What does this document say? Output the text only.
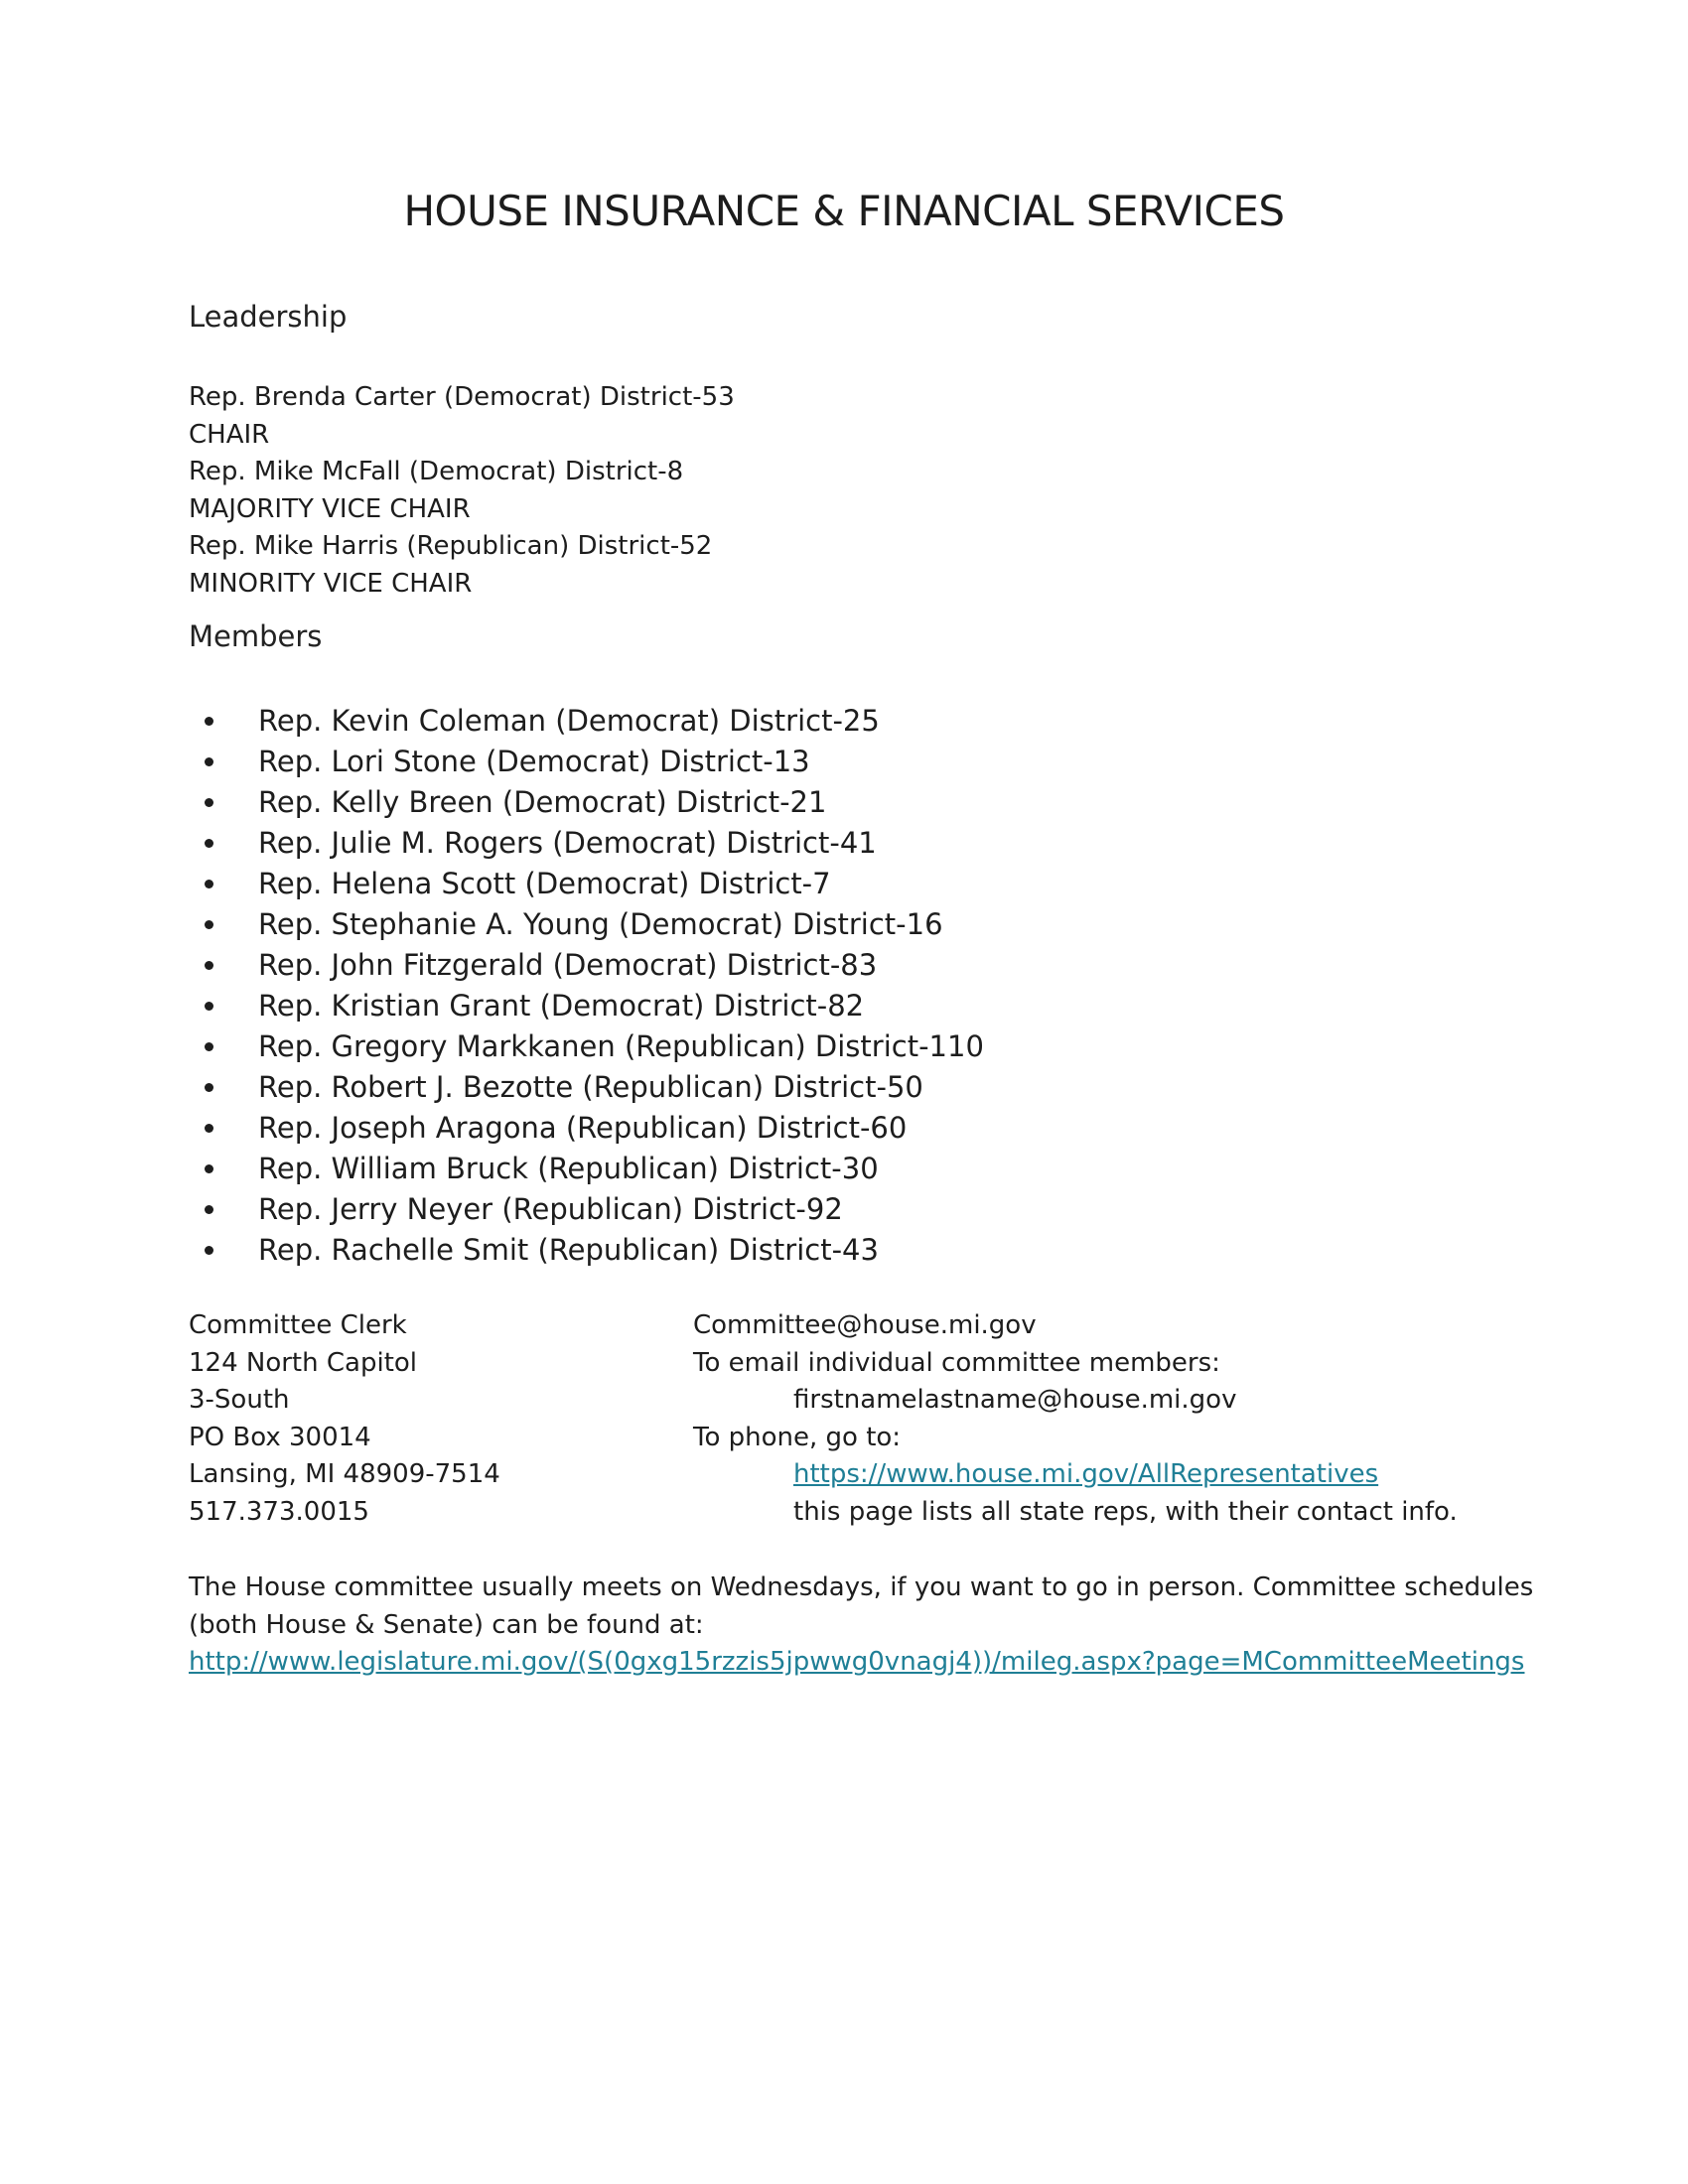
HOUSE INSURANCE & FINANCIAL SERVICES
Leadership
Rep. Brenda Carter (Democrat) District-53
CHAIR
Rep. Mike McFall (Democrat) District-8
MAJORITY VICE CHAIR
Rep. Mike Harris (Republican) District-52
MINORITY VICE CHAIR
Members
Rep. Kevin Coleman (Democrat) District-25
Rep. Lori Stone (Democrat) District-13
Rep. Kelly Breen (Democrat) District-21
Rep. Julie M. Rogers (Democrat) District-41
Rep. Helena Scott (Democrat) District-7
Rep. Stephanie A. Young (Democrat) District-16
Rep. John Fitzgerald (Democrat) District-83
Rep. Kristian Grant (Democrat) District-82
Rep. Gregory Markkanen (Republican) District-110
Rep. Robert J. Bezotte (Republican) District-50
Rep. Joseph Aragona (Republican) District-60
Rep. William Bruck (Republican) District-30
Rep. Jerry Neyer (Republican) District-92
Rep. Rachelle Smit (Republican) District-43
Committee Clerk
124 North Capitol
3-South
PO Box 30014
Lansing, MI 48909-7514
517.373.0015
Committee@house.mi.gov
To email individual committee members:
firstnamelastname@house.mi.gov
To phone, go to:
https://www.house.mi.gov/AllRepresentatives
this page lists all state reps, with their contact info.
The House committee usually meets on Wednesdays, if you want to go in person. Committee schedules
(both House & Senate) can be found at:
http://www.legislature.mi.gov/(S(0gxg15rzzis5jpwwg0vnagj4))/mileg.aspx?page=MCommitteeMeetings
